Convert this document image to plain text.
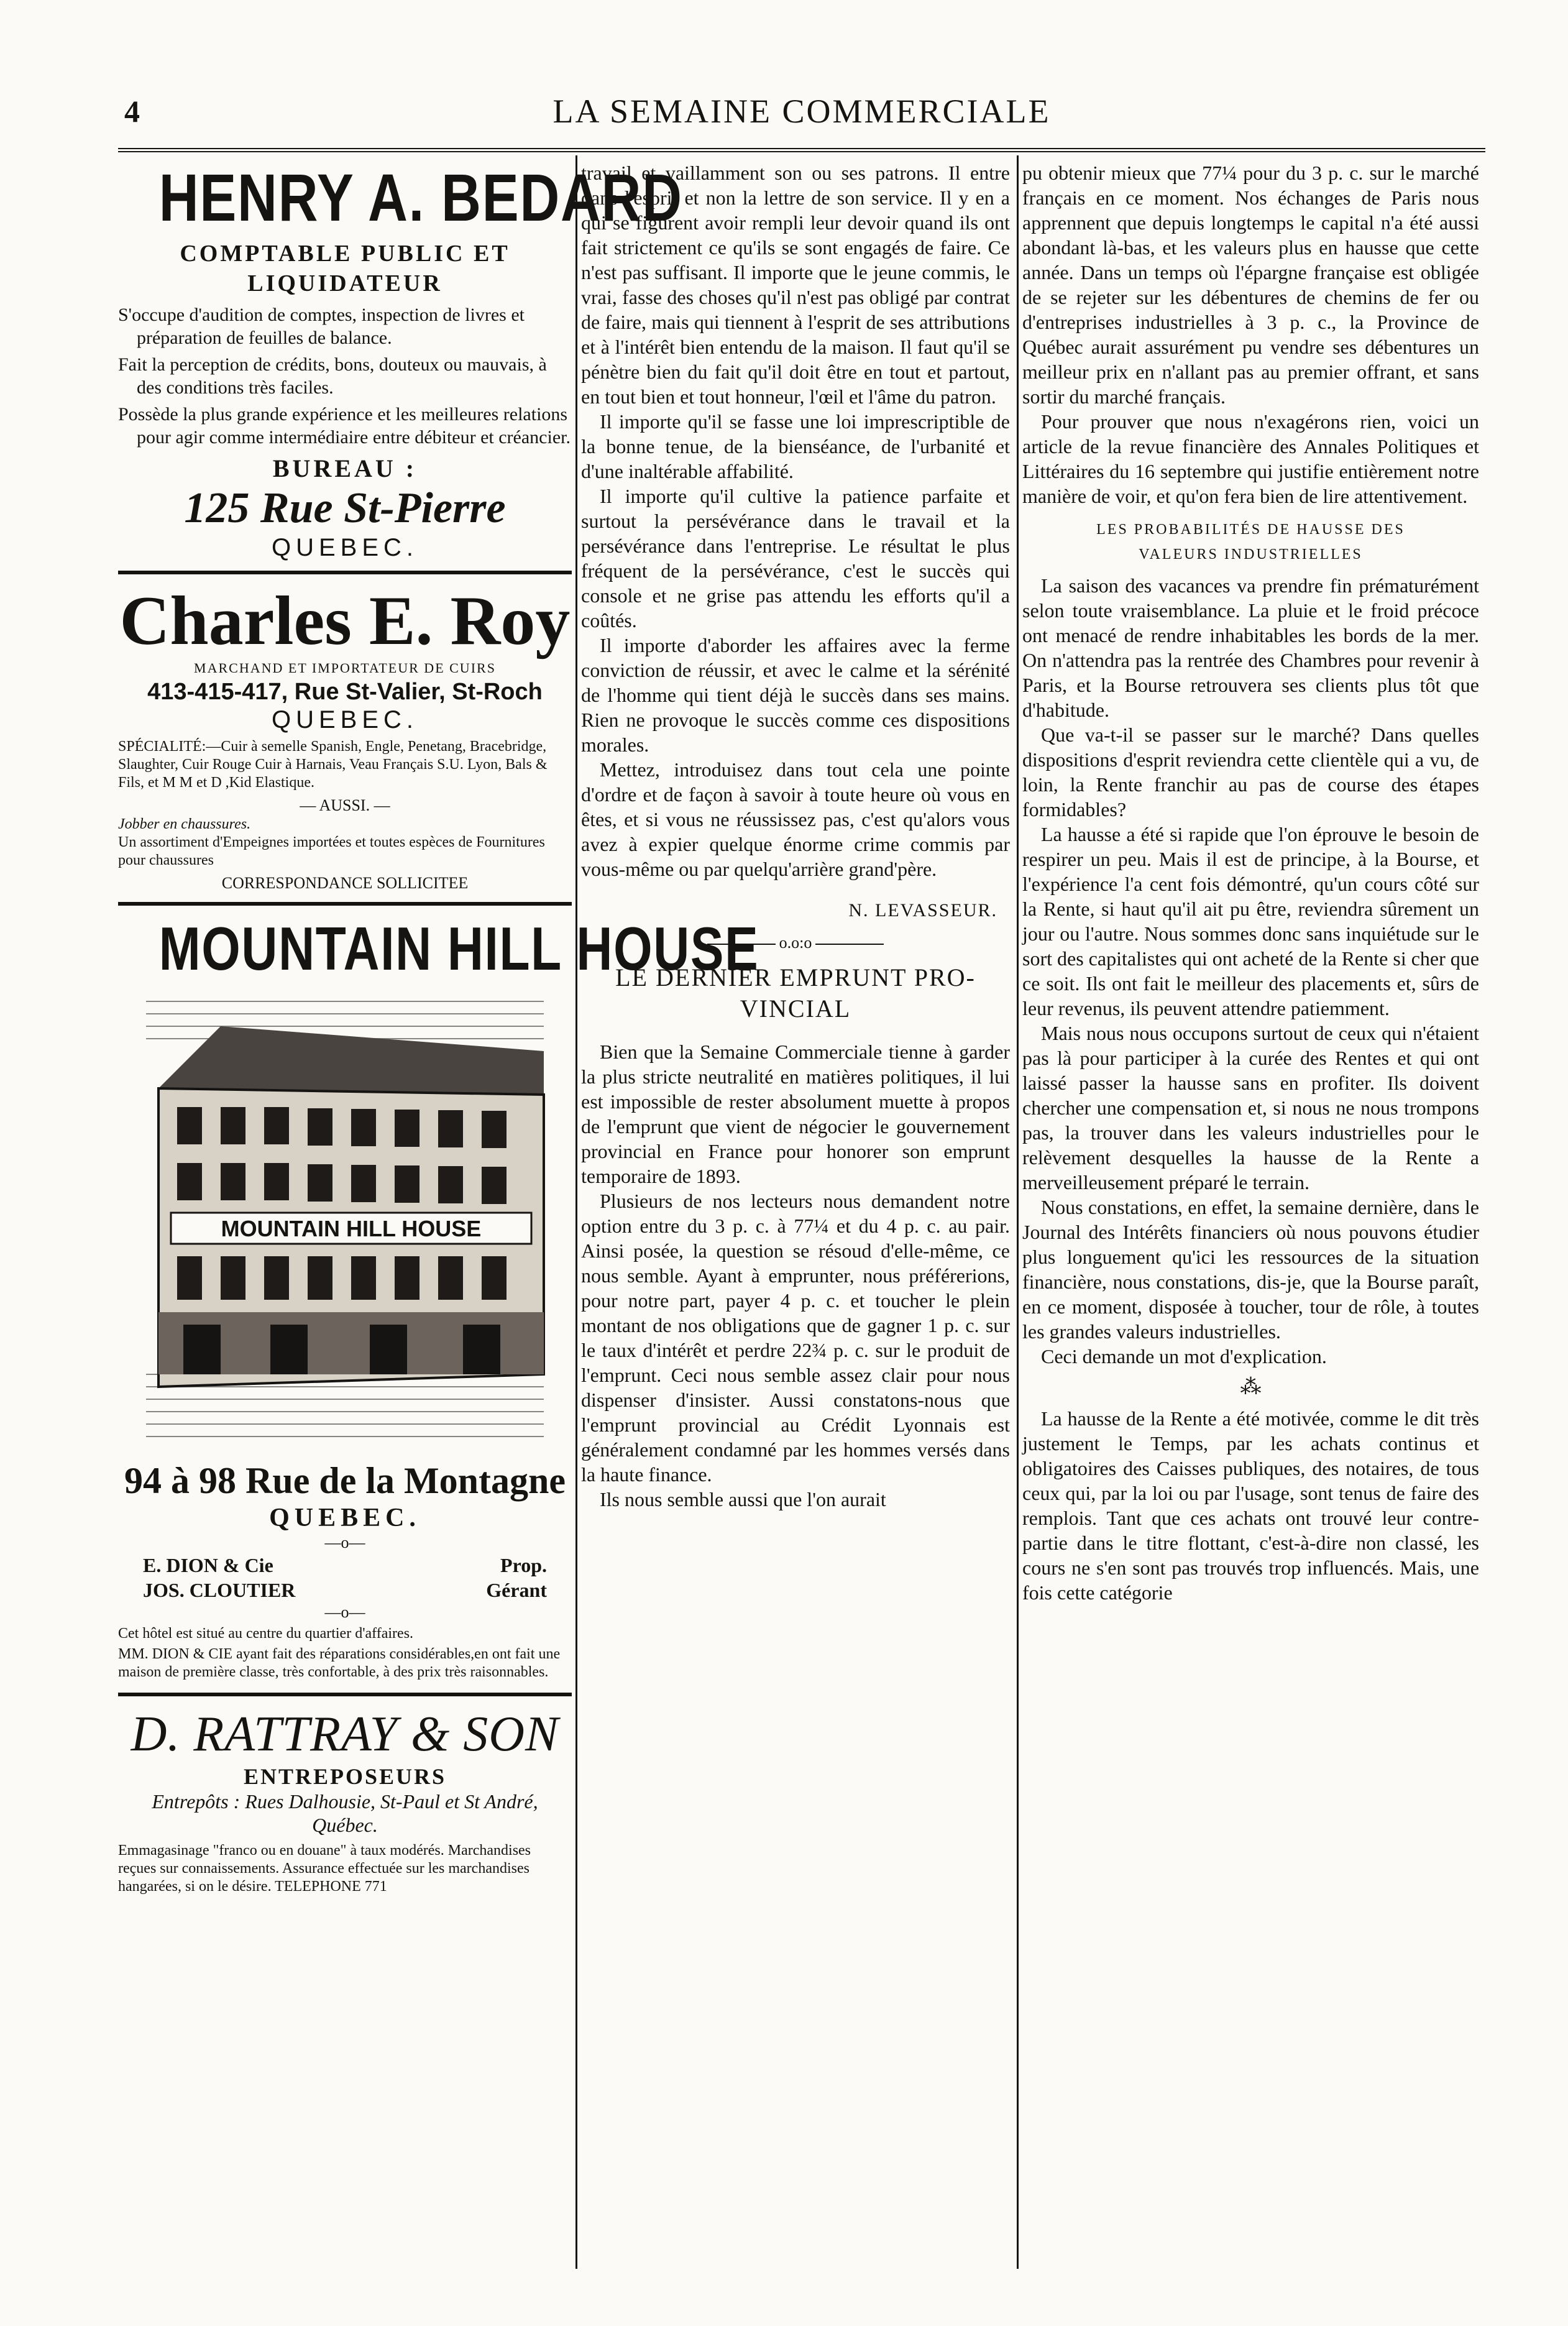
4	LA SEMAINE COMMERCIALE
HENRY A. BEDARD
COMPTABLE PUBLIC ET
LIQUIDATEUR

S'occupe d'audition de comptes, inspection de livres et préparation de feuilles de balance.

Fait la perception de crédits, bons, douteux ou mauvais, à des conditions très faciles.

Possède la plus grande expérience et les meilleures relations pour agir comme intermédiaire entre débiteur et créancier.

BUREAU :
125 Rue St-Pierre
QUEBEC.
Charles E. Roy
MARCHAND ET IMPORTATEUR DE CUIRS
413-415-417, Rue St-Valier, St-Roch
QUEBEC.

SPÉCIALITÉ:—Cuir à semelle Spanish, Engle, Penetang, Bracebridge, Slaughter, Cuir Rouge Cuir à Harnais, Veau Français S.U. Lyon, Bals & Fils, et M M et D ,Kid Elastique.

— AUSSI. —
Jobber en chaussures.
Un assortiment d'Empeignes importées et toutes espèces de Fournitures pour chaussures
CORRESPONDANCE SOLLICITEE
MOUNTAIN HILL HOUSE
MOUNTAIN HILL HOUSE
94 à 98 Rue de la Montagne
QUEBEC.
—o—
E. DION & Cie	Prop.
JOS. CLOUTIER	Gérant
—o—

Cet hôtel est situé au centre du quartier d'affaires.

MM. DION & CIE ayant fait des réparations considérables,en ont fait une maison de première classe, très confortable, à des prix très raisonnables.

D. RATTRAY & SON
ENTREPOSEURS
Entrepôts : Rues Dalhousie, St-Paul et St André, Québec.

Emmagasinage "franco ou en douane" à taux modérés. Marchandises reçues sur connaissements. Assurance effectuée sur les marchandises hangarées, si on le désire. TELEPHONE 771

travail et vaillamment son ou ses patrons. Il entre dans l'esprit et non la lettre de son service. Il y en a qui se figurent avoir rempli leur devoir quand ils ont fait strictement ce qu'ils se sont engagés de faire. Ce n'est pas suffisant. Il importe que le jeune commis, le vrai, fasse des choses qu'il n'est pas obligé par contrat de faire, mais qui tiennent à l'esprit de ses attributions et à l'intérêt bien entendu de la maison. Il faut qu'il se pénètre bien du fait qu'il doit être en tout et partout, en tout bien et tout honneur, l'œil et l'âme du patron.

Il importe qu'il se fasse une loi imprescriptible de la bonne tenue, de la bienséance, de l'urbanité et d'une inaltérable affabilité.

Il importe qu'il cultive la patience parfaite et surtout la persévérance dans le travail et la persévérance dans l'entreprise. Le résultat le plus fréquent de la persévérance, c'est le succès qui console et ne grise pas attendu les efforts qu'il a coûtés.

Il importe d'aborder les affaires avec la ferme conviction de réussir, et avec le calme et la sérénité de l'homme qui tient déjà le succès dans ses mains. Rien ne provoque le succès comme ces dispositions morales.

Mettez, introduisez dans tout cela une pointe d'ordre et de façon à savoir à toute heure où vous en êtes, et si vous ne réussissez pas, c'est qu'alors vous avez à expier quelque énorme crime commis par vous-même ou par quelqu'arrière grand'père.

N. LEVASSEUR.
o.o:o
LE DERNIER EMPRUNT PRO-
VINCIAL

Bien que la Semaine Commerciale tienne à garder la plus stricte neutralité en matières politiques, il lui est impossible de rester absolument muette à propos de l'emprunt que vient de négocier le gouvernement provincial en France pour honorer son emprunt temporaire de 1893.

Plusieurs de nos lecteurs nous demandent notre option entre du 3 p. c. à 77¼ et du 4 p. c. au pair. Ainsi posée, la question se résoud d'elle-même, ce nous semble. Ayant à emprunter, nous préférerions, pour notre part, payer 4 p. c. et toucher le plein montant de nos obligations que de gagner 1 p. c. sur le taux d'intérêt et perdre 22¾ p. c. sur le produit de l'emprunt. Ceci nous semble assez clair pour nous dispenser d'insister. Aussi constatons-nous que l'emprunt provincial au Crédit Lyonnais est généralement condamné par les hommes versés dans la haute finance.

Ils nous semble aussi que l'on aurait

pu obtenir mieux que 77¼ pour du 3 p. c. sur le marché français en ce moment. Nos échanges de Paris nous apprennent que depuis longtemps le capital n'a été aussi abondant là-bas, et les valeurs plus en hausse que cette année. Dans un temps où l'épargne française est obligée de se rejeter sur les débentures de chemins de fer ou d'entreprises industrielles à 3 p. c., la Province de Québec aurait assurément pu vendre ses débentures un meilleur prix en n'allant pas au premier offrant, et sans sortir du marché français.

Pour prouver que nous n'exagérons rien, voici un article de la revue financière des Annales Politiques et Littéraires du 16 septembre qui justifie entièrement notre manière de voir, et qu'on fera bien de lire attentivement.

LES PROBABILITÉS DE HAUSSE DES
VALEURS INDUSTRIELLES

La saison des vacances va prendre fin prématurément selon toute vraisemblance. La pluie et le froid précoce ont menacé de rendre inhabitables les bords de la mer. On n'attendra pas la rentrée des Chambres pour revenir à Paris, et la Bourse retrouvera ses clients plus tôt que d'habitude.

Que va-t-il se passer sur le marché? Dans quelles dispositions d'esprit reviendra cette clientèle qui a vu, de loin, la Rente franchir au pas de course des étapes formidables?

La hausse a été si rapide que l'on éprouve le besoin de respirer un peu. Mais il est de principe, à la Bourse, et l'expérience l'a cent fois démontré, qu'un cours côté sur la Rente, si haut qu'il ait pu être, reviendra sûrement un jour ou l'autre. Nous sommes donc sans inquiétude sur le sort des capitalistes qui ont acheté de la Rente si cher que ce soit. Ils ont fait le meilleur des placements et, sûrs de leur revenus, ils peuvent attendre patiemment.

Mais nous nous occupons surtout de ceux qui n'étaient pas là pour participer à la curée des Rentes et qui ont laissé passer la hausse sans en profiter. Ils doivent chercher une compensation et, si nous ne nous trompons pas, la trouver dans les valeurs industrielles pour le relèvement desquelles la hausse de la Rente a merveilleusement préparé le terrain.

Nous constations, en effet, la semaine dernière, dans le Journal des Intérêts financiers où nous pouvons étudier plus longuement qu'ici les ressources de la situation financière, nous constations, dis-je, que la Bourse paraît, en ce moment, disposée à toucher, tour de rôle, à toutes les grandes valeurs industrielles.

Ceci demande un mot d'explication.

⁂

La hausse de la Rente a été motivée, comme le dit très justement le Temps, par les achats continus et obligatoires des Caisses publiques, des notaires, de tous ceux qui, par la loi ou par l'usage, sont tenus de faire des remplois. Tant que ces achats ont trouvé leur contre-partie dans le titre flottant, c'est-à-dire non classé, les cours ne s'en sont pas trouvés trop influencés. Mais, une fois cette catégorie
